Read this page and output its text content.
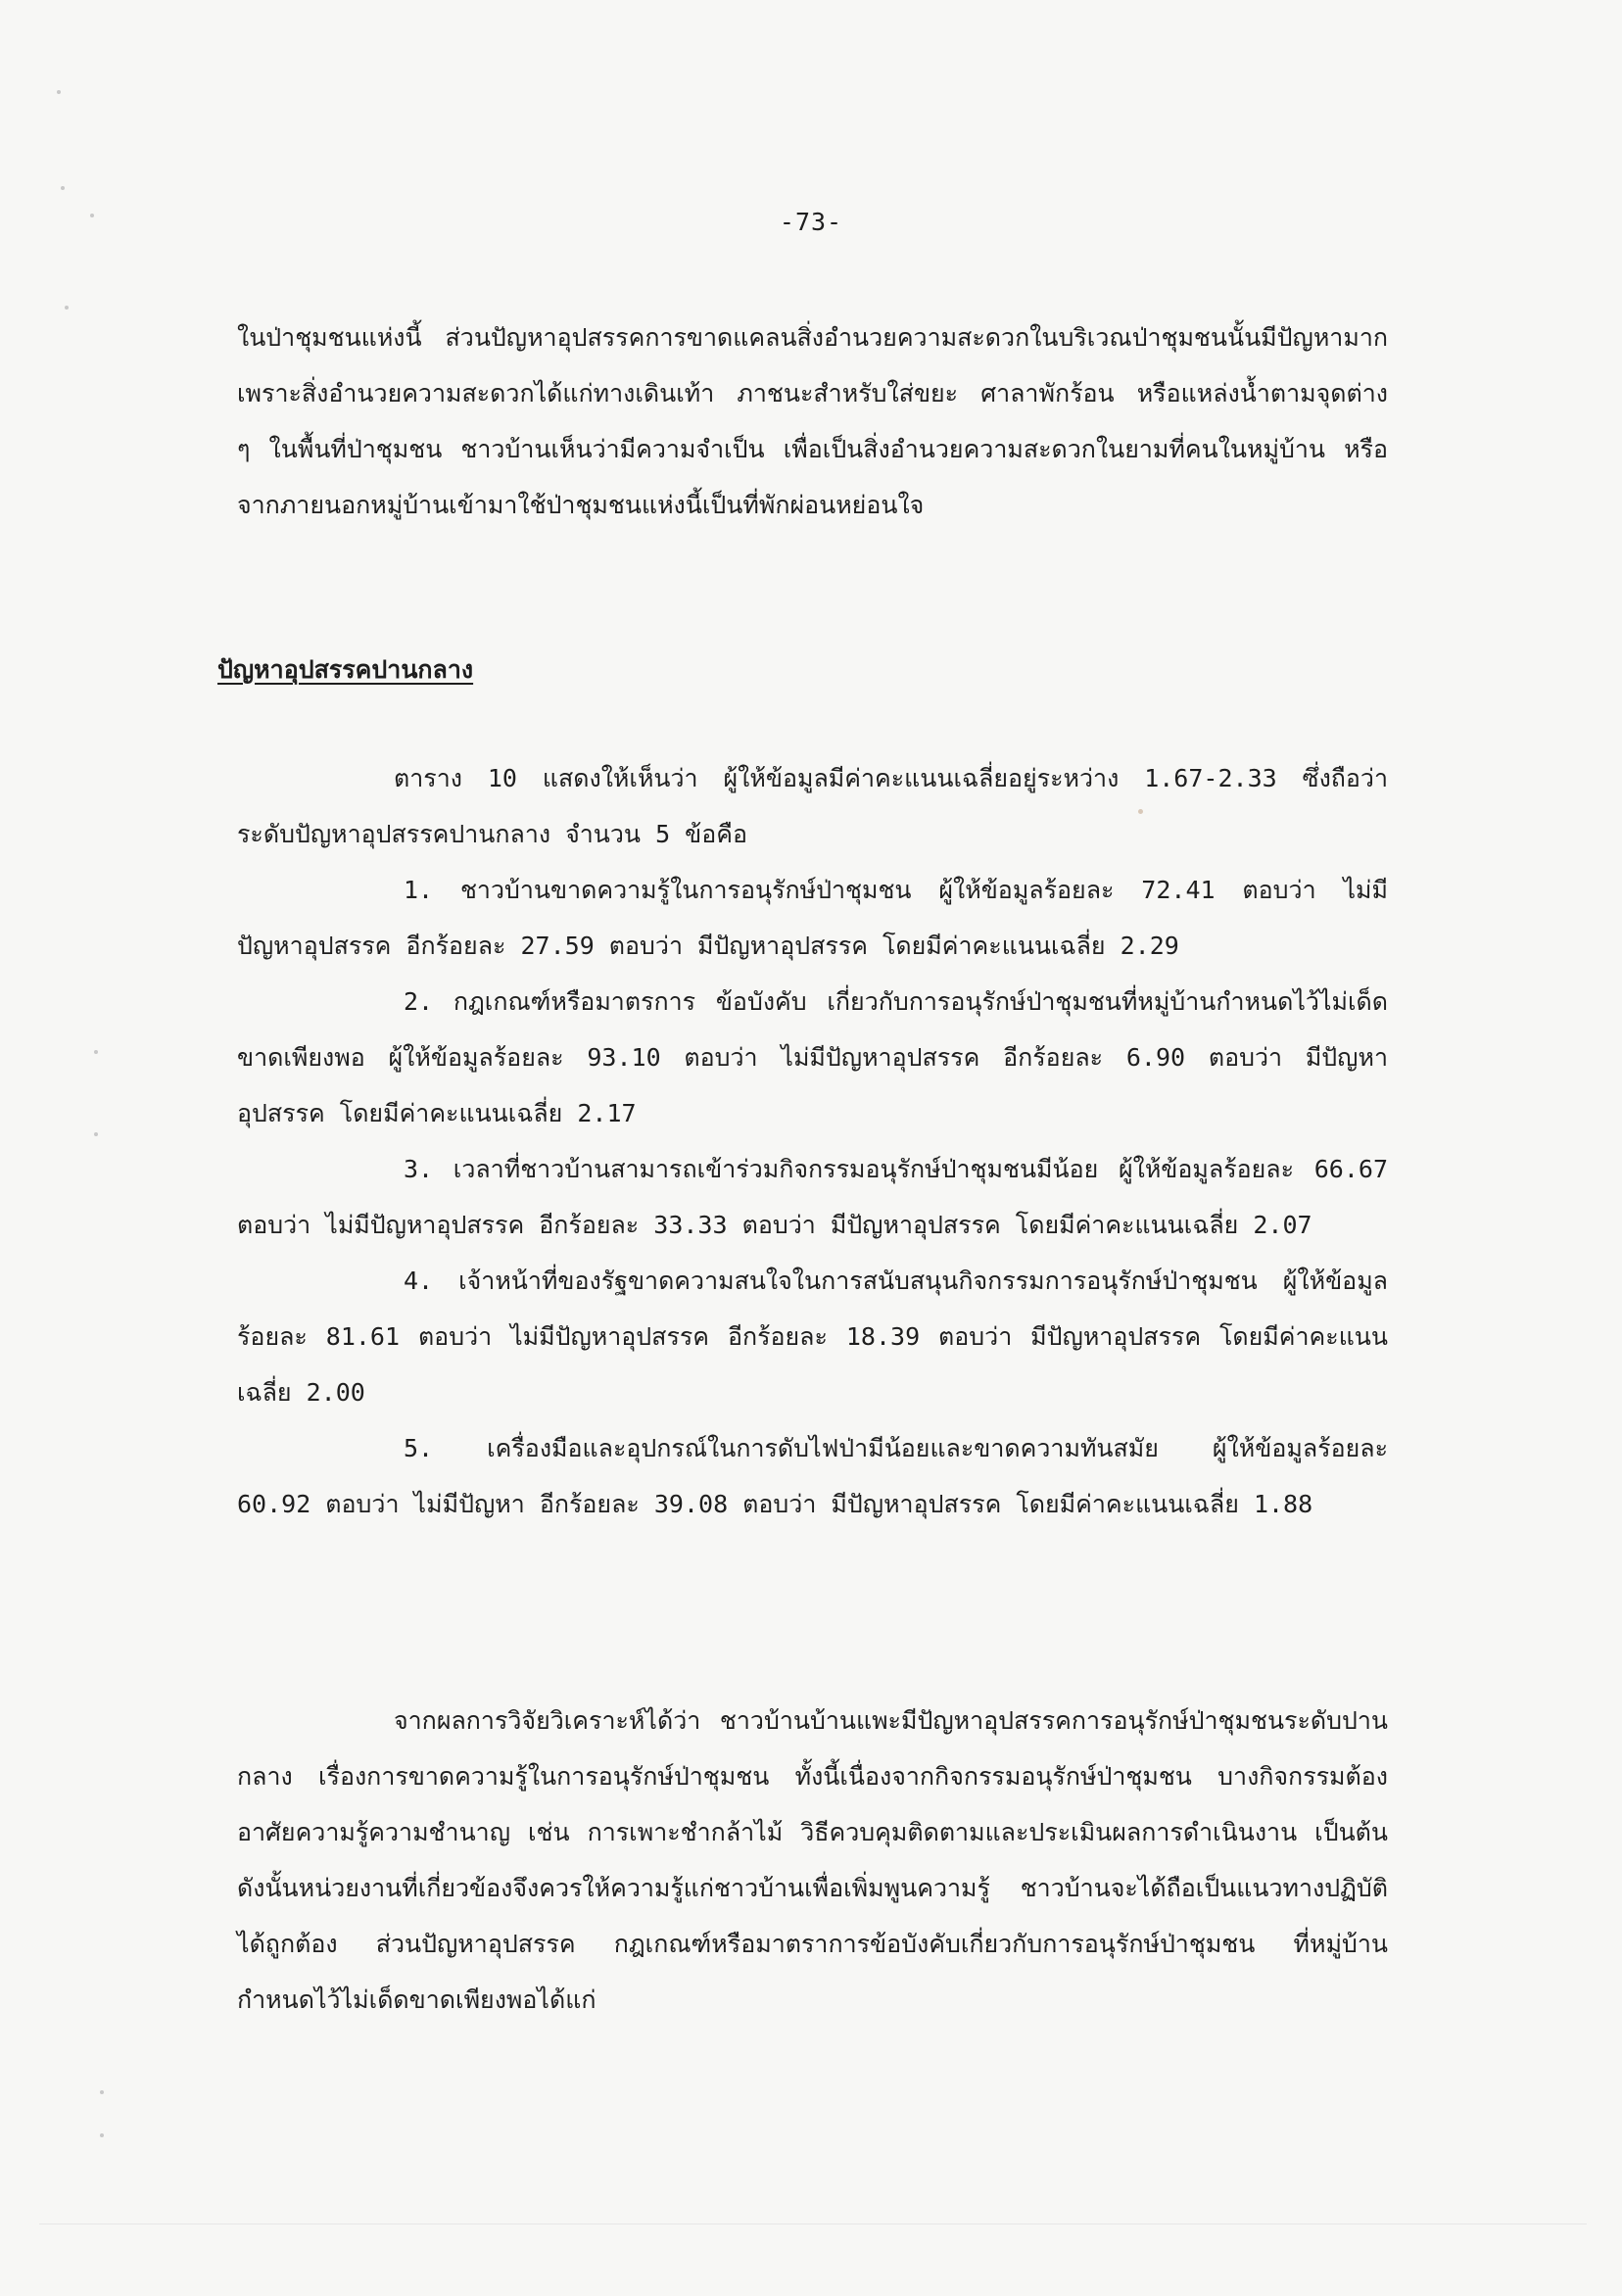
-73-
ในป่าชุมชนแห่งนี้ ส่วนปัญหาอุปสรรคการขาดแคลนสิ่งอำนวยความสะดวกในบริเวณป่าชุมชนนั้นมีปัญหามาก เพราะสิ่งอำนวยความสะดวกได้แก่ทางเดินเท้า ภาชนะสำหรับใส่ขยะ ศาลาพักร้อน หรือแหล่งน้ำตามจุดต่าง ๆ ในพื้นที่ป่าชุมชน ชาวบ้านเห็นว่ามีความจำเป็น เพื่อเป็นสิ่งอำนวยความสะดวกในยามที่คนในหมู่บ้าน หรือจากภายนอกหมู่บ้านเข้ามาใช้ป่าชุมชนแห่งนี้เป็นที่พักผ่อนหย่อนใจ
ปัญหาอุปสรรคปานกลาง

ตาราง 10 แสดงให้เห็นว่า ผู้ให้ข้อมูลมีค่าคะแนนเฉลี่ยอยู่ระหว่าง 1.67-2.33 ซึ่งถือว่า ระดับปัญหาอุปสรรคปานกลาง จำนวน 5 ข้อคือ

1. ชาวบ้านขาดความรู้ในการอนุรักษ์ป่าชุมชน ผู้ให้ข้อมูลร้อยละ 72.41 ตอบว่า ไม่มีปัญหาอุปสรรค อีกร้อยละ 27.59 ตอบว่า มีปัญหาอุปสรรค โดยมีค่าคะแนนเฉลี่ย 2.29

2. กฎเกณฑ์หรือมาตรการ ข้อบังคับ เกี่ยวกับการอนุรักษ์ป่าชุมชนที่หมู่บ้านกำหนดไว้ไม่เด็ดขาดเพียงพอ ผู้ให้ข้อมูลร้อยละ 93.10 ตอบว่า ไม่มีปัญหาอุปสรรค อีกร้อยละ 6.90 ตอบว่า มีปัญหาอุปสรรค โดยมีค่าคะแนนเฉลี่ย 2.17

3. เวลาที่ชาวบ้านสามารถเข้าร่วมกิจกรรมอนุรักษ์ป่าชุมชนมีน้อย ผู้ให้ข้อมูลร้อยละ 66.67 ตอบว่า ไม่มีปัญหาอุปสรรค อีกร้อยละ 33.33 ตอบว่า มีปัญหาอุปสรรค โดยมีค่าคะแนนเฉลี่ย 2.07

4. เจ้าหน้าที่ของรัฐขาดความสนใจในการสนับสนุนกิจกรรมการอนุรักษ์ป่าชุมชน ผู้ให้ข้อมูลร้อยละ 81.61 ตอบว่า ไม่มีปัญหาอุปสรรค อีกร้อยละ 18.39 ตอบว่า มีปัญหาอุปสรรค โดยมีค่าคะแนนเฉลี่ย 2.00

5. เครื่องมือและอุปกรณ์ในการดับไฟป่ามีน้อยและขาดความทันสมัย ผู้ให้ข้อมูลร้อยละ 60.92 ตอบว่า ไม่มีปัญหา อีกร้อยละ 39.08 ตอบว่า มีปัญหาอุปสรรค โดยมีค่าคะแนนเฉลี่ย 1.88

จากผลการวิจัยวิเคราะห์ได้ว่า ชาวบ้านบ้านแพะมีปัญหาอุปสรรคการอนุรักษ์ป่าชุมชนระดับปานกลาง เรื่องการขาดความรู้ในการอนุรักษ์ป่าชุมชน ทั้งนี้เนื่องจากกิจกรรมอนุรักษ์ป่าชุมชน บางกิจกรรมต้องอาศัยความรู้ความชำนาญ เช่น การเพาะชำกล้าไม้ วิธีควบคุมติดตามและประเมินผลการดำเนินงาน เป็นต้น ดังนั้นหน่วยงานที่เกี่ยวข้องจึงควรให้ความรู้แก่ชาวบ้านเพื่อเพิ่มพูนความรู้ ชาวบ้านจะได้ถือเป็นแนวทางปฏิบัติได้ถูกต้อง ส่วนปัญหาอุปสรรค กฎเกณฑ์หรือมาตราการข้อบังคับเกี่ยวกับการอนุรักษ์ป่าชุมชน ที่หมู่บ้านกำหนดไว้ไม่เด็ดขาดเพียงพอได้แก่
